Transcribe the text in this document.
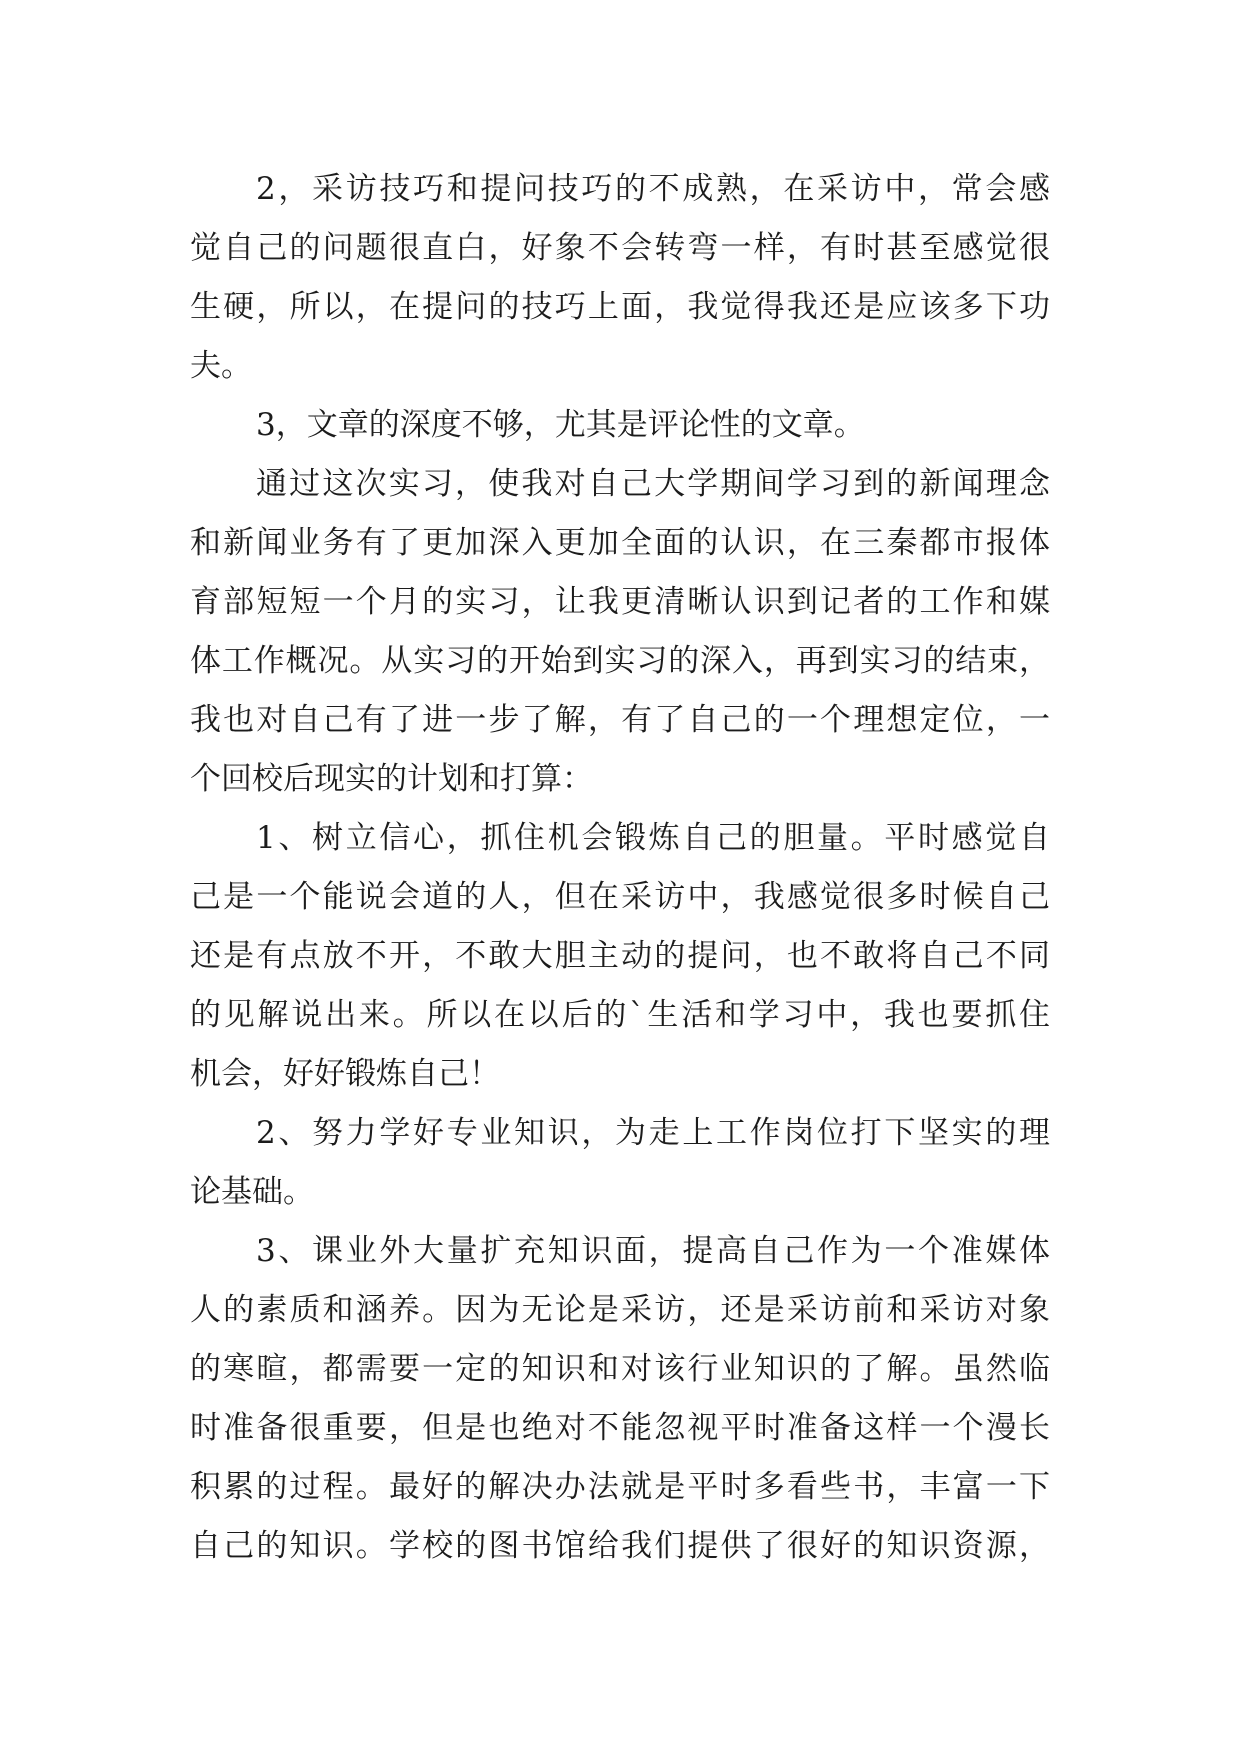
2，采访技巧和提问技巧的不成熟，在采访中，常会感
觉自己的问题很直白，好象不会转弯一样，有时甚至感觉很
生硬，所以，在提问的技巧上面，我觉得我还是应该多下功
夫。
3，文章的深度不够，尤其是评论性的文章。
通过这次实习，使我对自己大学期间学习到的新闻理念
和新闻业务有了更加深入更加全面的认识，在三秦都市报体
育部短短一个月的实习，让我更清晰认识到记者的工作和媒
体工作概况。从实习的开始到实习的深入，再到实习的结束，
我也对自己有了进一步了解，有了自己的一个理想定位，一
个回校后现实的计划和打算：
1、树立信心，抓住机会锻炼自己的胆量。平时感觉自
己是一个能说会道的人，但在采访中，我感觉很多时候自己
还是有点放不开，不敢大胆主动的提问，也不敢将自己不同
的见解说出来。所以在以后的`生活和学习中，我也要抓住
机会，好好锻炼自己！
2、努力学好专业知识，为走上工作岗位打下坚实的理
论基础。
3、课业外大量扩充知识面，提高自己作为一个准媒体
人的素质和涵养。因为无论是采访，还是采访前和采访对象
的寒暄，都需要一定的知识和对该行业知识的了解。虽然临
时准备很重要，但是也绝对不能忽视平时准备这样一个漫长
积累的过程。最好的解决办法就是平时多看些书，丰富一下
自己的知识。学校的图书馆给我们提供了很好的知识资源，
